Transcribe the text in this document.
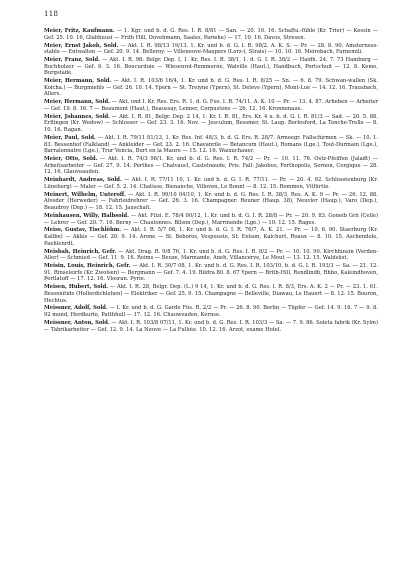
118

Meier, Fritz, Kaufmann. — 1. Kgr. und b. d. G. Res. I. R. 8/81 — San. — 20. 10. 16. Schaftu.-fühle (Kr. Trier) — Kessin — Gef. 25. 10. 16, Glabhuusi — Frith Hill, Duvehmann, Saales, Pariehe) — 17. 10. 16. Davos, Stresen.

Meier, Ernst Jakob, Sold. — Akt. I. R. 98/13 19/13. 1. Kr. und b. d. G. I. R. 98/2. A. K. S. — Pr. — 28. 8. 90. Amsterness-stable — Entwalten — Gef. 20. 9. 14. Belleroy. — Villeneuve-Maupers (Lorz-t, Strais) — 10. 10. 16. Meirebach, Farnemili.

Meier, Franz, Sold. — Akt. I. R. 98. Belgr. Dep. I, 1. Kr. Res. I. R. 38/1, 1. d. G. I. R. 38/2 — Haidh. 24. 7. 73 Hamburg — Buchholzer — Gef. 9. 3. 16. Boucurdoie — Wiesenrot-Remmerne, Walville (Haut.), Handbuch, Portschuit — 12. 8. Keme, Burgstade.

Meier, Hermann, Sold. — Akt. I. R. 103/6 16/4, 1. Kr. und b. d. G. Res. I. R. 8/25 — Sn. — 6. 8. 79. Schwan-wallen (Sk. Koicha.) — Burgmiehls — Gef. 26. 10. 14. Ypern — St. Treiyne (Ypern), St. Deleve (Ypern), Mont-Lue — 14. 12. 16. Trausbach, Allers.

Meier, Hermann, Sold. — Akt. und I. Kr. Res. Ers. R. 1. d. G. Fus. I. R. 74/11. A. K. 10 — Pr. — 13. 4. 87. Arheben — Arbeiter — Gef. 19. 8. 16. 7 — Beaumont (Haut.), Beaussay, Leimer, Corpustons — 26. 12. 16. Kronnenaue.

Meier, Johannes, Sold. — Akt. I. R. 81, Belgr. Dep. 2 14, 1. Kr. I. R. 81, Ers. Kr. 4 u. b. d. G. I. R. 81/3 — Sad. — 20. 5. 88. Erflingen (Kr. Wedow) — Schlosser — Gef. 23. 3. 16. Nov. — Jesculum, Bessmer, St. Laup. Berlesford, La Tonche-Trelle — 8. 10. 16. Ragan.

Meier, Paul, Sold. — Akt. I. R. 79/11 81/13, 1. Kr. Res. Inf. 48/3, b. d. G. Ers. R. 28/7. Armeegr. Fallschirmen — Sk. — 10. 1. 83. Bessenhof (Falkland) — Ankleider — Gef. 23. 2. 16. Chavanrile — Betancum (Haut.), Romans (Lge.), Tout-Durmain (Lge.), Barralonnatre (Lge.), Trur Vencia, Burt en la Maure — 15. 12. 16. Waixuchauer.

Meier, Otto, Sold. — Akt. I. R. 74/3 98/1. Kr. und b. d. G. Res. I. R. 74/2 — Pr. — 10. 11. 76. Ostz-Pfeiffen (Jaladt) — Arbeitsarbeiter — Gef. 27. 9. 14. Perthes — Chalvaucl, Castelnaude, Pris. Fall: Jakobus, Forthopolis, Sornon, Cergique — 28. 12. 16. Glauveauden.

Meinhardt, Andreas, Sold. — Akt. I. R. 77/11 10, 1. Kr. und b. d. G. I. R. 77/11. — Pr. — 20. 4. 92. Schlosstenburg (Kr. Lüneburg) — Maler — Gef. 5. 2. 14. Chatisse, Bienanche, Villoven, Le Bonnt — 8. 12. 15. Rommen, Vitfürtte.

Meinert, Wilhelm, Unteroff. — Akt. I. R. 99/10 04/10, 1. Kr. und b. d. G. Res. I. R. 38/3, Res. A. K. 9 — Pr. — 26. 12. 88. Alveder (Herweder) — Fahrleidrehrer — Gef. 26. 3. 16. Champagner. Reuner (Haup. 38), Neuvier (Haup.), Varo (Dep.), Beaudrey (Dep.) — 18. 12. 15. Jauschalt.

Meinhausen, Willy, Halbsold. — Akt. Filzi. E. 78/4 00/12, 1. Kr. und b. d. G. I. R. 28/8 — Pr. — 20. 9. 83. Goneib Grii (Celle) — Lehrer — Gef. 20. 7. 16. Berny — Chaulonnes. Bilson (Dep.), Marrmende (Lge.) — 10. 12. 15. Rages.

Meiss, Gustav, Tischlöhm. — Akt. I. R. 5/7 08, 1. Kr. und b. d. G. I. R. 76/7, A. K. 21. — Pr. — 10. 6. 90. Staerburg (Kr. Kallbe) — Akkis — Gef. 20. 9. 14. Arone — St. Beboros, Vespouste, St. Eelson, Kaichurt, Roaux — 8. 10. 15. Aschendole, Paehlenrdt.

Meisbah, Heinrich, Gefr. — Akt. Drag. R. 9/8 76, 1. Kr. und b. d. G. Res. I. R. 8/2 — Pr. — 10. 10. 90. Kirchhinsin (Verden-Aller) — Schmied — Gef. 11. 9. 16. Reims — Beuze, Marmande, Aneh, Villancerve, Le Mout — 13. 12. 15. Waldsüst.

Meisin, Louis, Heinrich, Gefr. — Akt. I. R. 30/7 08, 1. Kr. und b. d. G. Res. I. R. 103/10, b. d. G. I. R. 193/3 — Sa. — 21. 12. 91. Rinseleirfe (Kr. Zwolsen) — Bergmann — Gef. 7. 4. 19. Bildra 80. 8. 67 Ypern — Brith-Hill, Rendlindb, Rhbo, Kaleindhoven, Pertlatoff — 17. 12. 16. Vlosran. Pyrie.

Meisen, Hubert, Sold. — Akt. I. R. 28, Belgr. Dep. (L.) 9 14, 1. Kr. und b. d. G. Res. I. R. 8/3, Ers. A. K. 2 — Pr. — 23. 1. 61. Bessenitide (Hollerdichlehen) — Elektriker — Gef. 25. 9. 15. Champagne — Belleville, Diawau, Le Hauert — 8. 12. 15. Bouron, Hechtus.

Meissner, Adolf, Sold. — I. Kr. und b. d. G. Garde Füs. R. 2/2 — Pr. — 26. 8. 90. Berlin — Tüpfer — Gef. 14. 9. 16. 7 — 9. 8. 92 mund, Herdkurte, Pattbhull — 17. 12. 16. Chauweaden, Kernse.

Meissner, Anton, Sold. — Akt. I. R. 103/8 07/11, 1. Kr. und b. d. G. Res. I. R. 103/3 — Sa. — 7. 9. 86. Soleta fabrik (Kr. Sylm) — Tabrikarbeiter — Gef. 12. 9. 14. La Neuve — La Fulloie. 10. 12. 16. Arzot, exame Hotel.
